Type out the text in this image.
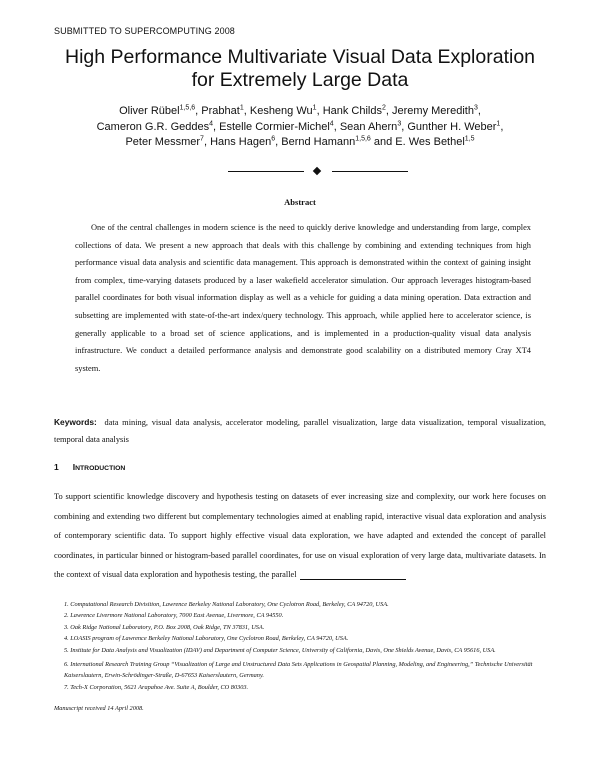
SUBMITTED TO SUPERCOMPUTING 2008
High Performance Multivariate Visual Data Exploration
for Extremely Large Data
Oliver Rübel$^{1,5,6}$, Prabhat$^1$, Kesheng Wu$^1$, Hank Childs$^2$, Jeremy Meredith$^3$,
Cameron G.R. Geddes$^4$, Estelle Cormier-Michel$^4$, Sean Ahern$^3$, Gunther H. Weber$^1$,
Peter Messmer$^7$, Hans Hagen$^6$, Bernd Hamann$^{1,5,6}$ and E. Wes Bethel$^{1,5}$
Abstract

One of the central challenges in modern science is the need to quickly derive knowledge and understanding from large, complex collections of data. We present a new approach that deals with this challenge by combining and extending techniques from high performance visual data analysis and scientific data management. This approach is demonstrated within the context of gaining insight from complex, time-varying datasets produced by a laser wakefield accelerator simulation. Our approach leverages histogram-based parallel coordinates for both visual information display as well as a vehicle for guiding a data mining operation. Data extraction and subsetting are implemented with state-of-the-art index/query technology. This approach, while applied here to accelerator science, is generally applicable to a broad set of science applications, and is implemented in a production-quality visual data analysis infrastructure. We conduct a detailed performance analysis and demonstrate good scalability on a distributed memory Cray XT4 system.

Keywords: data mining, visual data analysis, accelerator modeling, parallel visualization, large data visualization, temporal visualization, temporal data analysis

1 INTRODUCTION

To support scientific knowledge discovery and hypothesis testing on datasets of ever increasing size and complexity, our work here focuses on combining and extending two different but complementary technologies aimed at enabling rapid, interactive visual data exploration and analysis of contemporary scientific data. To support highly effective visual data exploration, we have adapted and extended the concept of parallel coordinates, in particular binned or histogram-based parallel coordinates, for use on visual exploration of very large data, multivariate datasets. In the context of visual data exploration and hypothesis testing, the parallel

1. Computational Research Divisition, Lawrence Berkeley National Laboratory, One Cyclotron Road, Berkeley, CA 94720, USA.
2. Lawrence Livermore National Laboratory, 7000 East Avenue, Livermore, CA 94550.
3. Oak Ridge National Laboratory, P.O. Box 2008, Oak Ridge, TN 37831, USA.
4. LOASIS program of Lawrence Berkeley National Laboratory, One Cyclotron Road, Berkeley, CA 94720, USA.
5. Institute for Data Analysis and Visualization (IDAV) and Department of Computer Science, University of California, Davis, One Shields Avenue, Davis, CA 95616, USA.
6. International Research Training Group “Visualization of Large and Unstructured Data Sets Applications in Geospatial Planning, Modeling, and Engineering,” Technische Universität Kaiserslautern, Erwin-Schrödinger-Straße, D-67653 Kaiserslautern, Germany.
7. Tech-X Corporation, 5621 Arapahoe Ave. Suite A, Boulder, CO 80303.
Manuscript received 14 April 2008.
